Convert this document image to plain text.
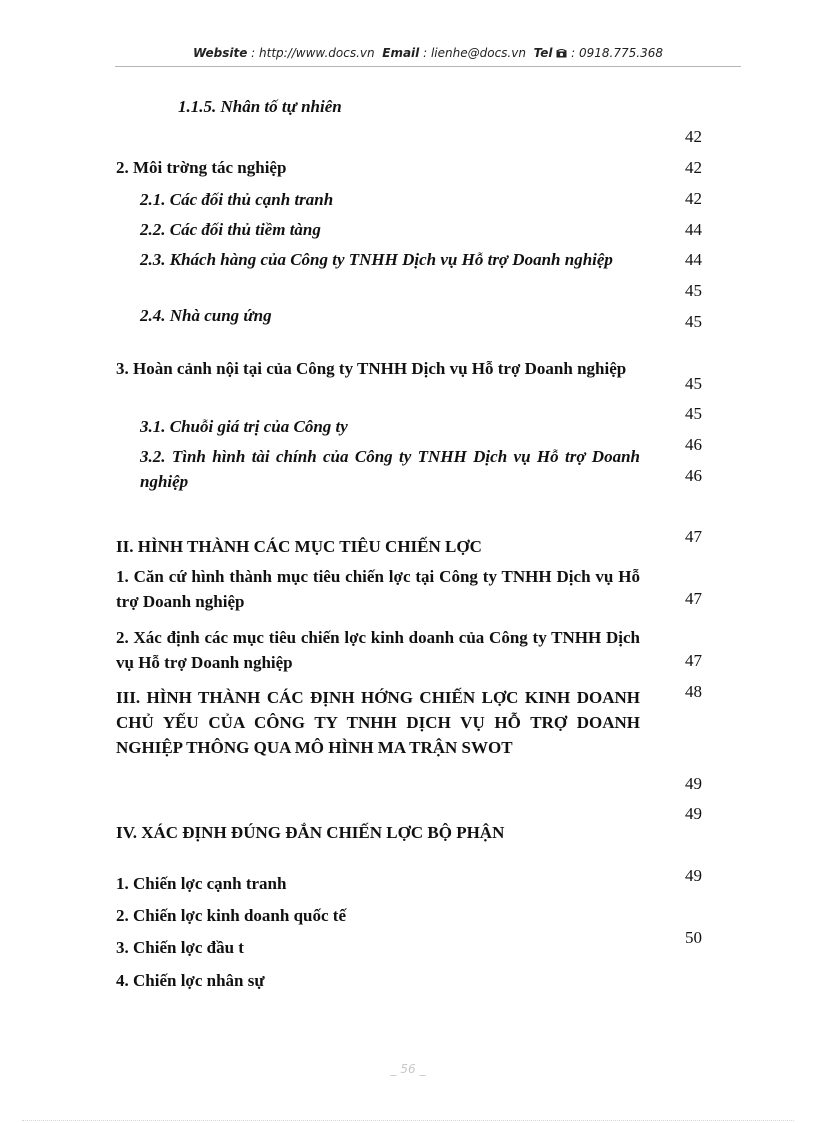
Website : http://www.docs.vn Email : lienhe@docs.vn Tel : 0918.775.368
1.1.5. Nhân tố tự nhiên
2. Môi trờng tác nghiệp
2.1. Các đối thủ cạnh tranh
2.2. Các đối thủ tiềm tàng
2.3. Khách hàng của Công ty TNHH Dịch vụ Hỗ trợ Doanh nghiệp
2.4. Nhà cung ứng
3. Hoàn cảnh nội tại của Công ty TNHH Dịch vụ Hỗ trợ Doanh nghiệp
3.1. Chuỗi giá trị của Công ty
3.2. Tình hình tài chính của Công ty TNHH Dịch vụ Hỗ trợ Doanh nghiệp
II. HÌNH THÀNH CÁC MỤC TIÊU CHIẾN LỢC
1. Căn cứ hình thành mục tiêu chiến lợc tại Công ty TNHH Dịch vụ Hỗ trợ Doanh nghiệp
2. Xác định các mục tiêu chiến lợc kinh doanh của Công ty TNHH Dịch vụ Hỗ trợ Doanh nghiệp
III. HÌNH THÀNH CÁC ĐỊNH HỚNG CHIẾN LỢC KINH DOANH CHỦ YẾU CỦA CÔNG TY TNHH DỊCH VỤ HỖ TRỢ DOANH NGHIỆP THÔNG QUA MÔ HÌNH MA TRẬN SWOT
IV. XÁC ĐỊNH ĐÚNG ĐẮN CHIẾN LỢC BỘ PHẬN
1. Chiến lợc cạnh tranh
2. Chiến lợc kinh doanh quốc tế
3. Chiến lợc đầu t
4. Chiến lợc nhân sự
42
42
42
44
44
45
45
45
45
46
46
47
47
47
48
49
49
49
50
_ 56 _
